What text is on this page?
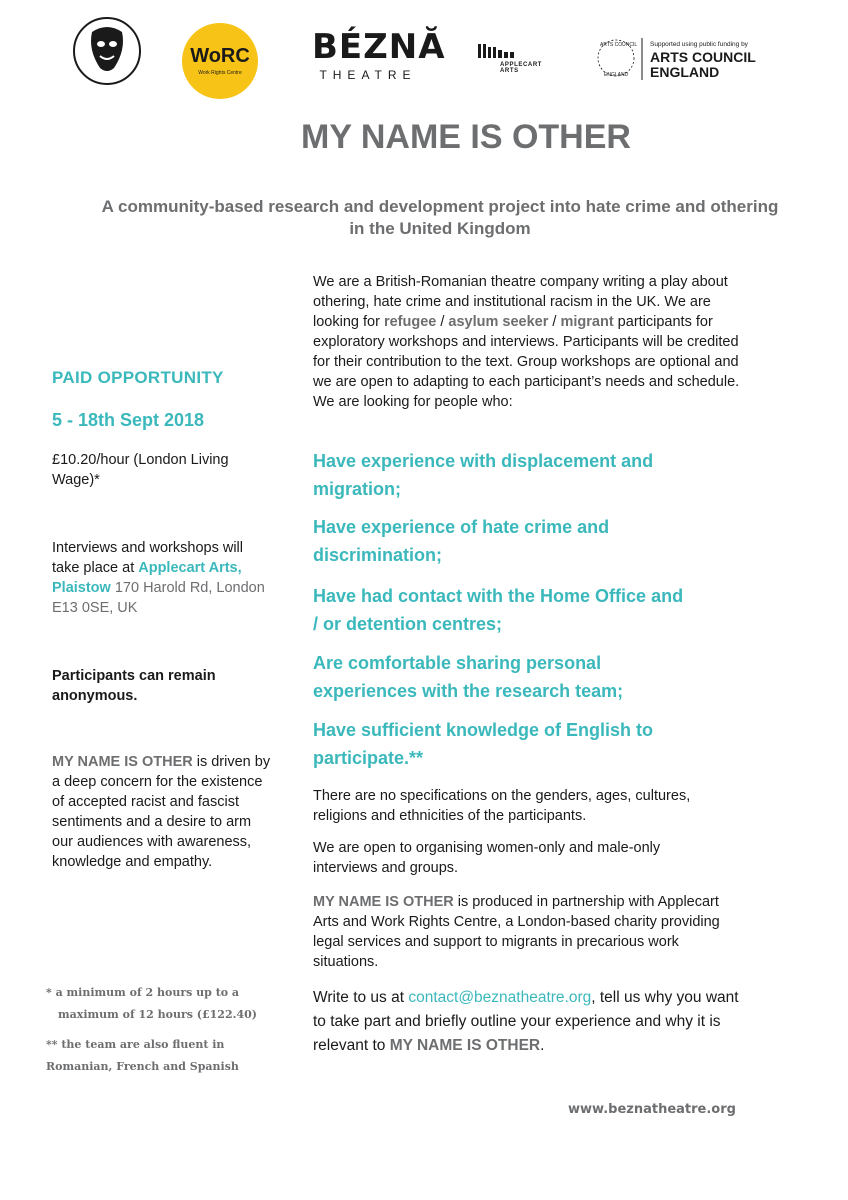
WoRC
Work Rights Centre
BÉZNĂ
THEATRE
APPLECART
ARTS
ARTS COUNCIL
ENGLAND
Supported using public funding by
ARTS COUNCIL
ENGLAND
MY NAME IS OTHER
A community-based research and development project into hate crime and othering in the United Kingdom
PAID OPPORTUNITY
5 - 18th Sept 2018
£10.20/hour (London Living Wage)*
Interviews and workshops will take place at Applecart Arts, Plaistow 170 Harold Rd, London E13 0SE, UK
Participants can remain anonymous.
MY NAME IS OTHER is driven by a deep concern for the existence of accepted racist and fascist sentiments and a desire to arm our audiences with awareness, knowledge and empathy.
* a minimum of 2 hours up to a
maximum of 12 hours (£122.40)
** the team are also fluent in
Romanian, French and Spanish
We are a British-Romanian theatre company writing a play about othering, hate crime and institutional racism in the UK. We are looking for refugee / asylum seeker / migrant participants for exploratory workshops and interviews. Participants will be credited for their contribution to the text. Group workshops are optional and we are open to adapting to each participant’s needs and schedule. We are looking for people who:
Have experience with displacement and migration;
Have experience of hate crime and discrimination;
Have had contact with the Home Office and / or detention centres;
Are comfortable sharing personal experiences with the research team;
Have sufficient knowledge of English to participate.**
There are no specifications on the genders, ages, cultures, religions and ethnicities of the participants.
We are open to organising women-only and male-only interviews and groups.
MY NAME IS OTHER is produced in partnership with Applecart Arts and Work Rights Centre, a London-based charity providing legal services and support to migrants in precarious work situations.
Write to us at contact@beznatheatre.org, tell us why you want to take part and briefly outline your experience and why it is relevant to MY NAME IS OTHER.
www.beznatheatre.org
